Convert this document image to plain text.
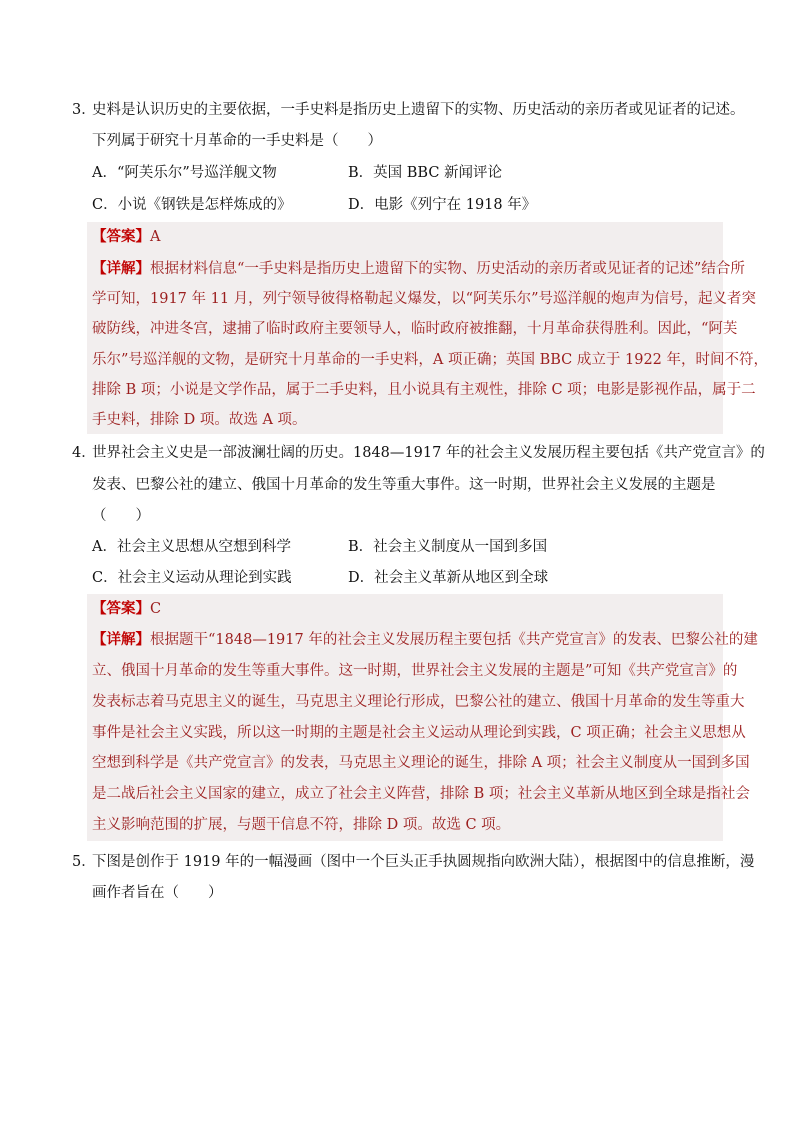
3．
史料是认识历史的主要依据，一手史料是指历史上遗留下的实物、历史活动的亲历者或见证者的记述。
下列属于研究十月革命的一手史料是（　　）
A．“阿芙乐尔”号巡洋舰文物	B．英国 BBC 新闻评论
C．小说《钢铁是怎样炼成的》	D．电影《列宁在 1918 年》
【答案】A
【详解】根据材料信息“一手史料是指历史上遗留下的实物、历史活动的亲历者或见证者的记述”结合所
学可知，1917 年 11 月，列宁领导彼得格勒起义爆发，以“阿芙乐尔”号巡洋舰的炮声为信号，起义者突
破防线，冲进冬宫，逮捕了临时政府主要领导人，临时政府被推翻，十月革命获得胜利。因此，“阿芙
乐尔”号巡洋舰的文物，是研究十月革命的一手史料，A 项正确；英国 BBC 成立于 1922 年，时间不符，
排除 B 项；小说是文学作品，属于二手史料，且小说具有主观性，排除 C 项；电影是影视作品，属于二
手史料，排除 D 项。故选 A 项。
4．
世界社会主义史是一部波澜壮阔的历史。1848—1917 年的社会主义发展历程主要包括《共产党宣言》的
发表、巴黎公社的建立、俄国十月革命的发生等重大事件。这一时期，世界社会主义发展的主题是
（　　）
A．社会主义思想从空想到科学	B．社会主义制度从一国到多国
C．社会主义运动从理论到实践	D．社会主义革新从地区到全球
【答案】C
【详解】根据题干“1848—1917 年的社会主义发展历程主要包括《共产党宣言》的发表、巴黎公社的建
立、俄国十月革命的发生等重大事件。这一时期，世界社会主义发展的主题是”可知《共产党宣言》的
发表标志着马克思主义的诞生，马克思主义理论行形成，巴黎公社的建立、俄国十月革命的发生等重大
事件是社会主义实践，所以这一时期的主题是社会主义运动从理论到实践，C 项正确；社会主义思想从
空想到科学是《共产党宣言》的发表，马克思主义理论的诞生，排除 A 项；社会主义制度从一国到多国
是二战后社会主义国家的建立，成立了社会主义阵营，排除 B 项；社会主义革新从地区到全球是指社会
主义影响范围的扩展，与题干信息不符，排除 D 项。故选 C 项。
5．
下图是创作于 1919 年的一幅漫画（图中一个巨头正手执圆规指向欧洲大陆），根据图中的信息推断，漫
画作者旨在（　　）
